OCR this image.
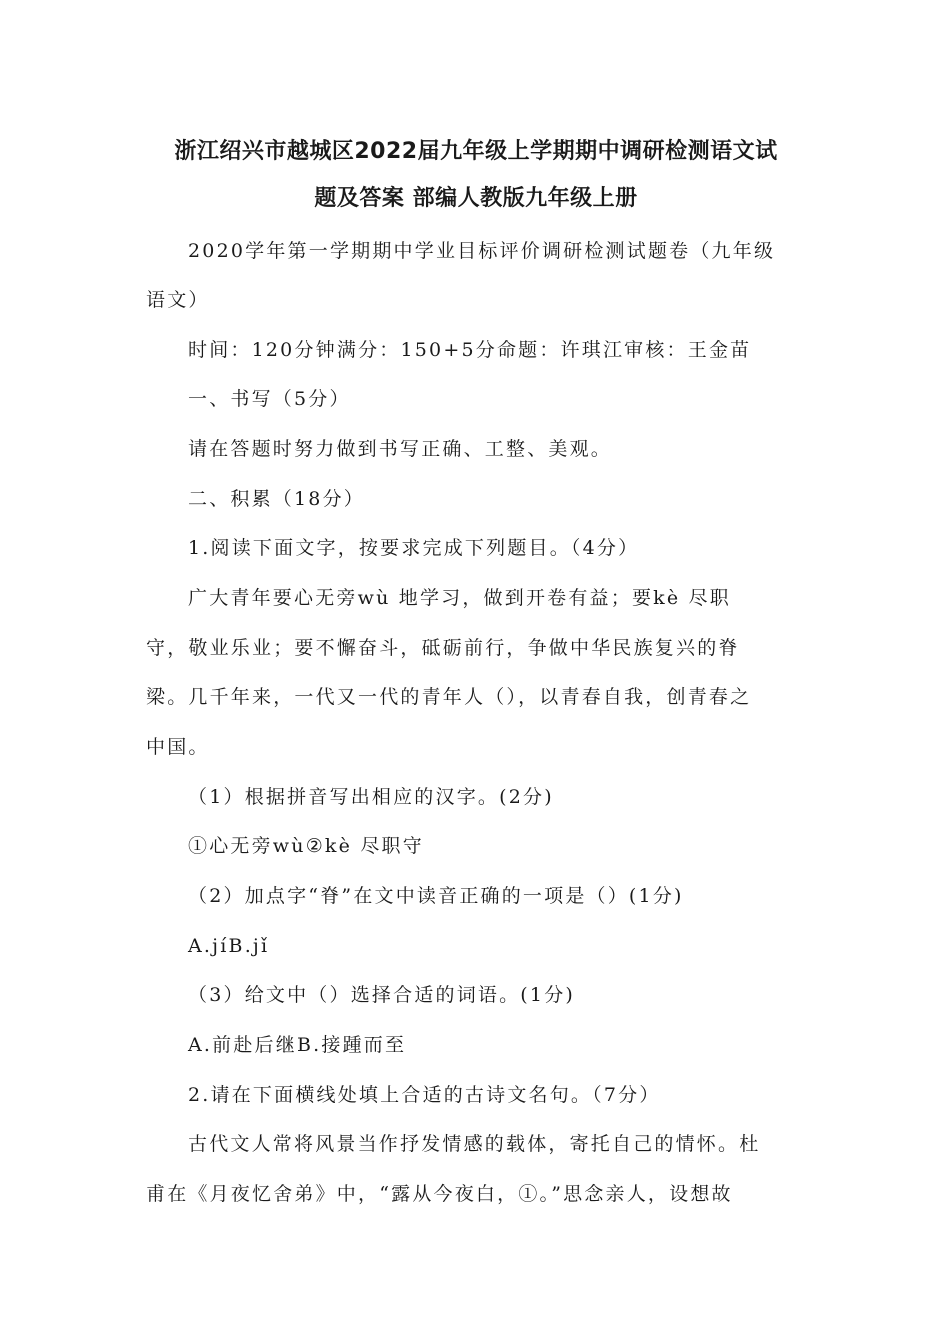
浙江绍兴市越城区2022届九年级上学期期中调研检测语文试
题及答案 部编人教版九年级上册
2020学年第一学期期中学业目标评价调研检测试题卷（九年级
语文）
时间：120分钟满分：150+5分命题：许琪江审核：王金苗
一、书写（5分）
请在答题时努力做到书写正确、工整、美观。
二、积累（18分）
1.阅读下面文字，按要求完成下列题目。（4分）
广大青年要心无旁wù 地学习，做到开卷有益；要kè 尽职
守，敬业乐业；要不懈奋斗，砥砺前行，争做中华民族复兴的脊
梁。几千年来，一代又一代的青年人（），以青春自我，创青春之
中国。
（1）根据拼音写出相应的汉字。(2分)
①心无旁wù②kè 尽职守
（2）加点字“脊”在文中读音正确的一项是（）(1分)
A.jíB.jǐ
（3）给文中（）选择合适的词语。(1分)
A.前赴后继B.接踵而至
2.请在下面横线处填上合适的古诗文名句。（7分）
古代文人常将风景当作抒发情感的载体，寄托自己的情怀。杜
甫在《月夜忆舍弟》中，“露从今夜白，①。”思念亲人，设想故
